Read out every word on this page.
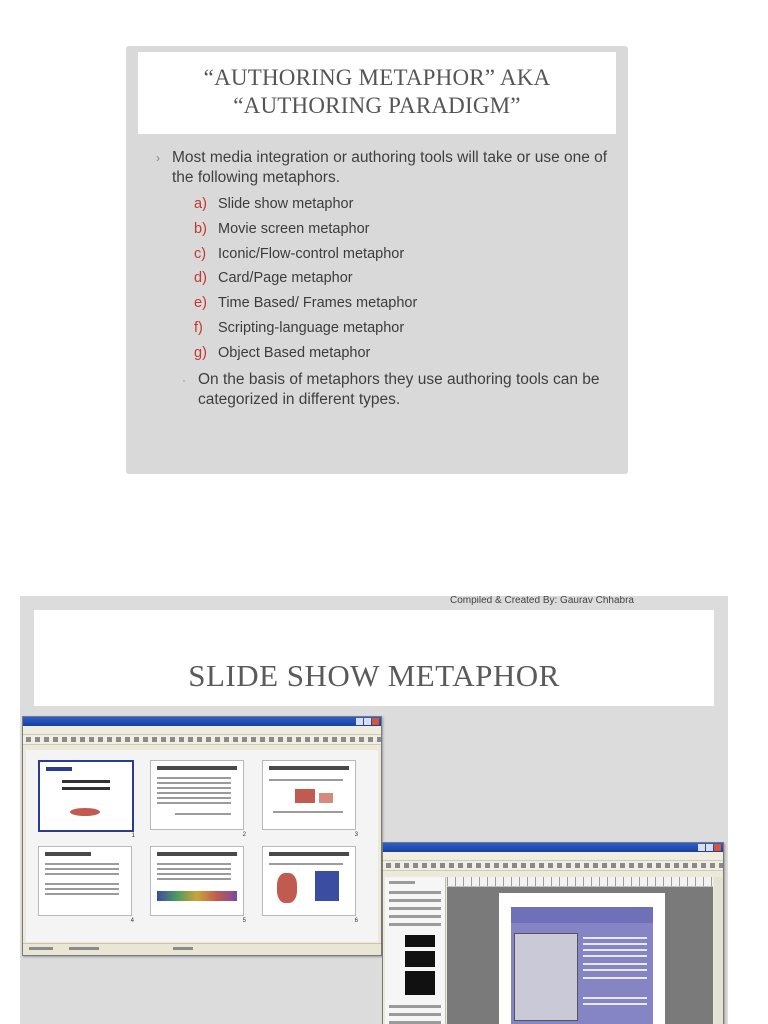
“AUTHORING METAPHOR” AKA
“AUTHORING PARADIGM”
› Most media integration or authoring tools will take or use one of the following metaphors.
a) Slide show metaphor
b) Movie screen metaphor
c) Iconic/Flow-control metaphor
d) Card/Page metaphor
e) Time Based/ Frames metaphor
f) Scripting-language metaphor
g) Object Based metaphor
· On the basis of metaphors they use authoring tools can be categorized in different types.
Compiled & Created By: Gaurav Chhabra
SLIDE SHOW METAPHOR
1	2	3
4	5	6
